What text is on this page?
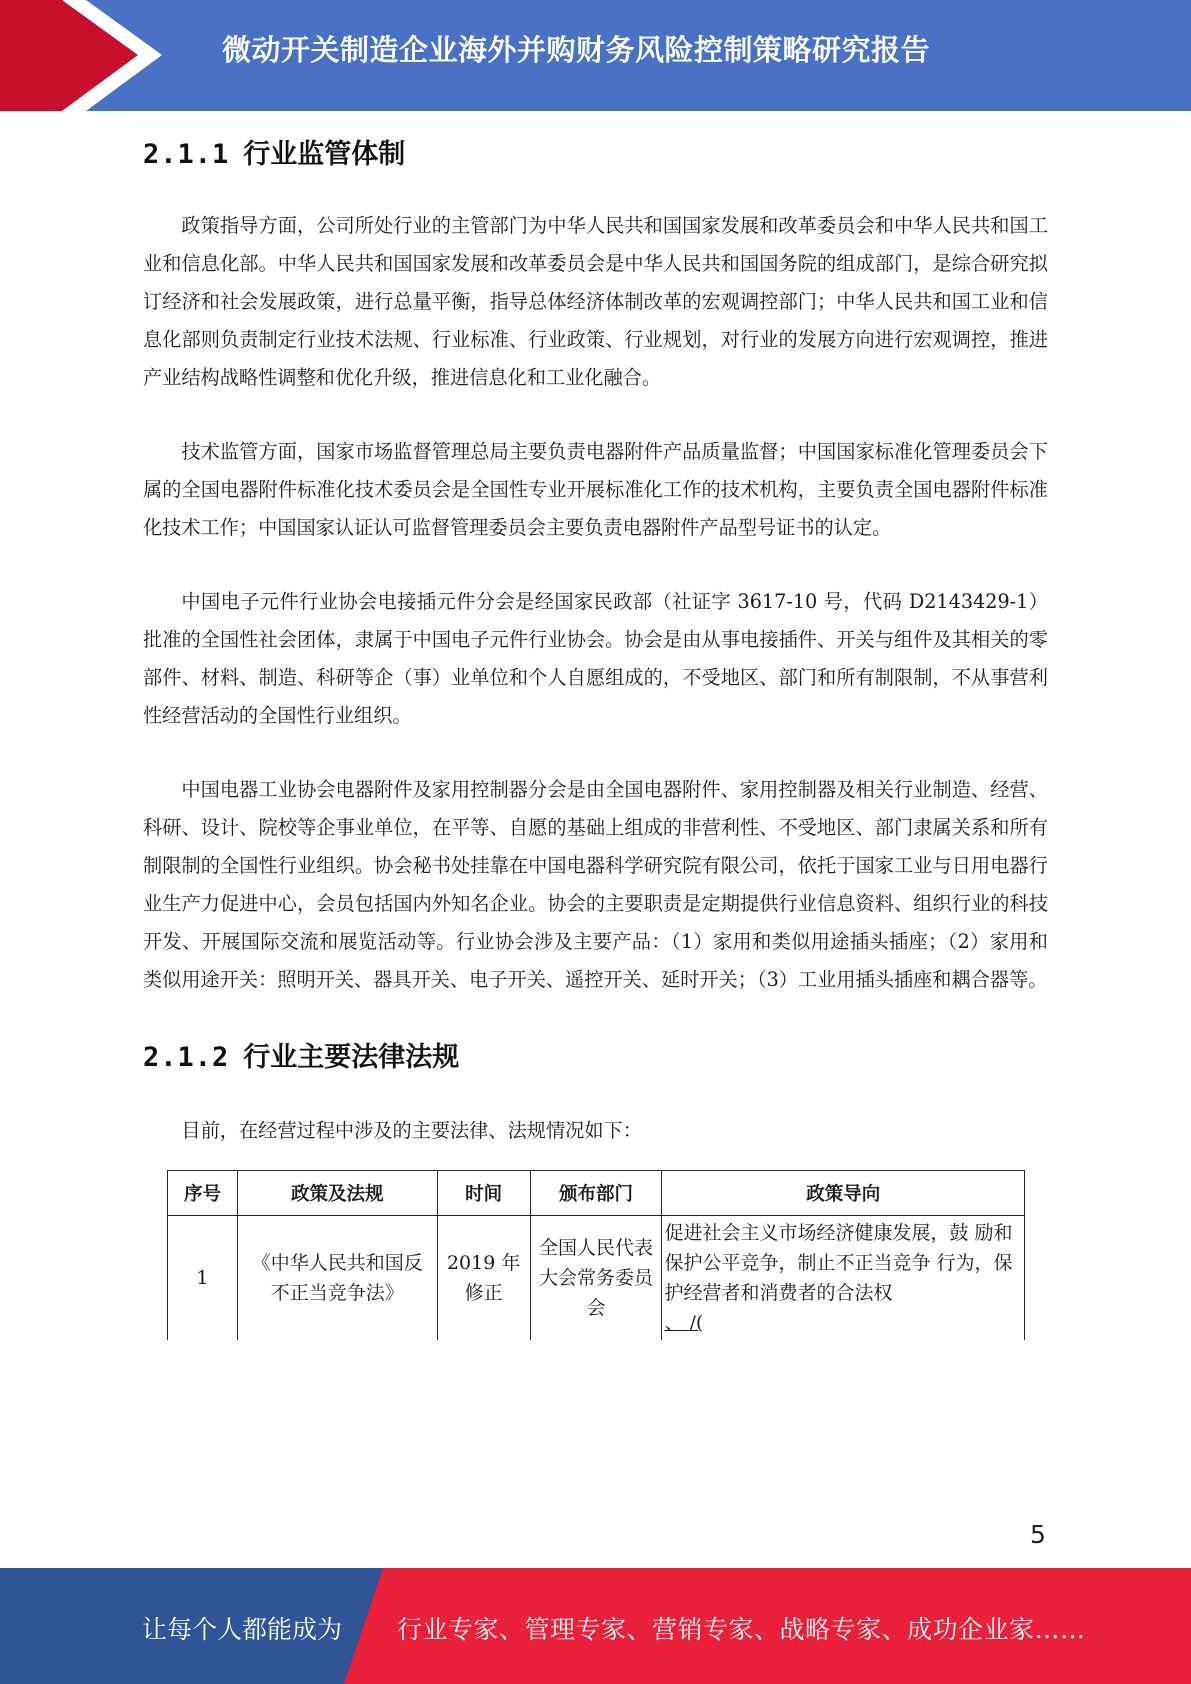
微动开关制造企业海外并购财务风险控制策略研究报告
2.1.1 行业监管体制

政策指导方面，公司所处行业的主管部门为中华人民共和国国家发展和改革委员会和中华人民共和国工业和信息化部。中华人民共和国国家发展和改革委员会是中华人民共和国国务院的组成部门，是综合研究拟订经济和社会发展政策，进行总量平衡，指导总体经济体制改革的宏观调控部门；中华人民共和国工业和信息化部则负责制定行业技术法规、行业标准、行业政策、行业规划，对行业的发展方向进行宏观调控，推进产业结构战略性调整和优化升级，推进信息化和工业化融合。

技术监管方面，国家市场监督管理总局主要负责电器附件产品质量监督；中国国家标准化管理委员会下属的全国电器附件标准化技术委员会是全国性专业开展标准化工作的技术机构，主要负责全国电器附件标准化技术工作；中国国家认证认可监督管理委员会主要负责电器附件产品型号证书的认定。

中国电子元件行业协会电接插元件分会是经国家民政部（社证字 3617-10 号，代码 D2143429-1）批准的全国性社会团体，隶属于中国电子元件行业协会。协会是由从事电接插件、开关与组件及其相关的零部件、材料、制造、科研等企（事）业单位和个人自愿组成的，不受地区、部门和所有制限制，不从事营利性经营活动的全国性行业组织。

中国电器工业协会电器附件及家用控制器分会是由全国电器附件、家用控制器及相关行业制造、经营、科研、设计、院校等企事业单位，在平等、自愿的基础上组成的非营利性、不受地区、部门隶属关系和所有制限制的全国性行业组织。协会秘书处挂靠在中国电器科学研究院有限公司，依托于国家工业与日用电器行业生产力促进中心，会员包括国内外知名企业。协会的主要职责是定期提供行业信息资料、组织行业的科技开发、开展国际交流和展览活动等。行业协会涉及主要产品：（1）家用和类似用途插头插座；（2）家用和类似用途开关：照明开关、器具开关、电子开关、遥控开关、延时开关；（3）工业用插头插座和耦合器等。

2.1.2 行业主要法律法规

目前，在经营过程中涉及的主要法律、法规情况如下：

序号	政策及法规	时间	颁布部门	政策导向
1	《中华人民共和国反不正当竞争法》	2019 年修正	全国人民代表大会常务委员会	促进社会主义市场经济健康发展，鼓 励和保护公平竞争，制止不正当竞争 行为，保护经营者和消费者的合法权
、 /(
5
让每个人都能成为 行业专家、管理专家、营销专家、战略专家、成功企业家……
